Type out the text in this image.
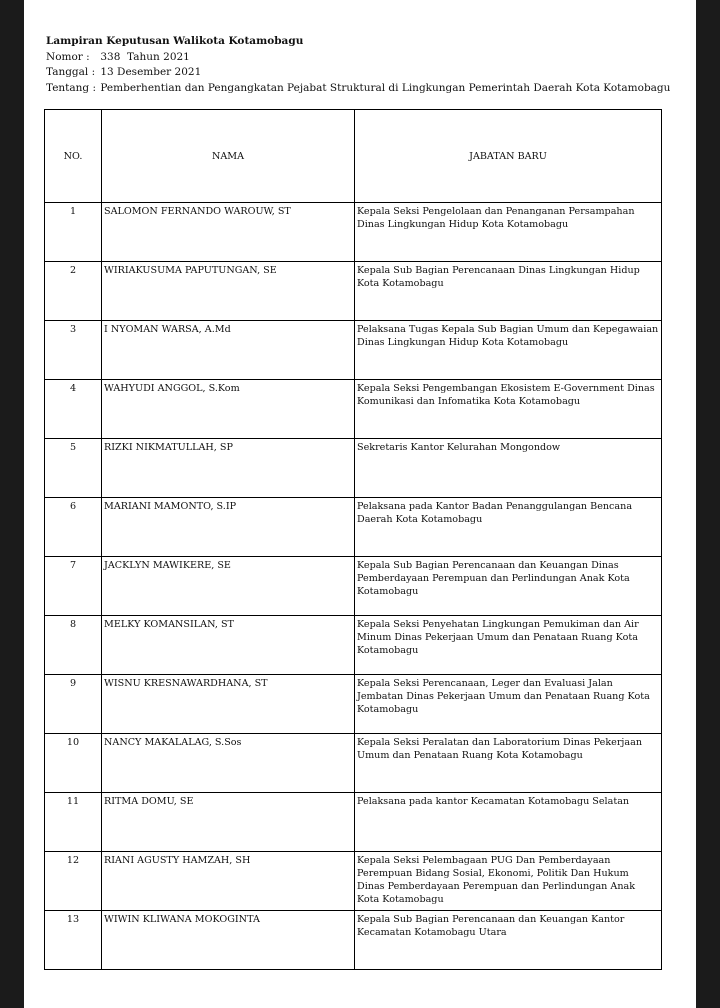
Lampiran Keputusan Walikota Kotamobagu
Nomor : 338  Tahun 2021
Tanggal : 13 Desember 2021
Tentang : Pemberhentian dan Pengangkatan Pejabat Struktural di Lingkungan Pemerintah Daerah Kota Kotamobagu
NO.	NAMA	JABATAN BARU
1	SALOMON FERNANDO WAROUW, ST	Kepala Seksi Pengelolaan dan Penanganan Persampahan Dinas Lingkungan Hidup Kota Kotamobagu
2	WIRIAKUSUMA PAPUTUNGAN, SE	Kepala Sub Bagian Perencanaan Dinas Lingkungan Hidup Kota Kotamobagu
3	I NYOMAN WARSA, A.Md	Pelaksana Tugas Kepala Sub Bagian Umum dan Kepegawaian Dinas Lingkungan Hidup Kota Kotamobagu
4	WAHYUDI ANGGOL, S.Kom	Kepala Seksi Pengembangan Ekosistem E-Government Dinas Komunikasi dan Infomatika Kota Kotamobagu
5	RIZKI NIKMATULLAH, SP	Sekretaris Kantor Kelurahan Mongondow
6	MARIANI MAMONTO, S.IP	Pelaksana pada Kantor Badan Penanggulangan Bencana Daerah Kota Kotamobagu
7	JACKLYN MAWIKERE, SE	Kepala Sub Bagian Perencanaan dan Keuangan Dinas Pemberdayaan Perempuan dan Perlindungan Anak Kota Kotamobagu
8	MELKY KOMANSILAN, ST	Kepala Seksi Penyehatan Lingkungan Pemukiman dan Air Minum Dinas Pekerjaan Umum dan Penataan Ruang Kota Kotamobagu
9	WISNU KRESNAWARDHANA, ST	Kepala Seksi Perencanaan, Leger dan Evaluasi Jalan Jembatan Dinas Pekerjaan Umum dan Penataan Ruang Kota Kotamobagu
10	NANCY MAKALALAG, S.Sos	Kepala Seksi Peralatan dan Laboratorium Dinas Pekerjaan Umum dan Penataan Ruang Kota Kotamobagu
11	RITMA DOMU, SE	Pelaksana pada kantor Kecamatan Kotamobagu Selatan
12	RIANI AGUSTY HAMZAH, SH	Kepala Seksi Pelembagaan PUG Dan Pemberdayaan Perempuan Bidang Sosial, Ekonomi, Politik Dan Hukum Dinas Pemberdayaan Perempuan dan Perlindungan Anak Kota Kotamobagu
13	WIWIN KLIWANA MOKOGINTA	Kepala Sub Bagian Perencanaan dan Keuangan Kantor Kecamatan Kotamobagu Utara
